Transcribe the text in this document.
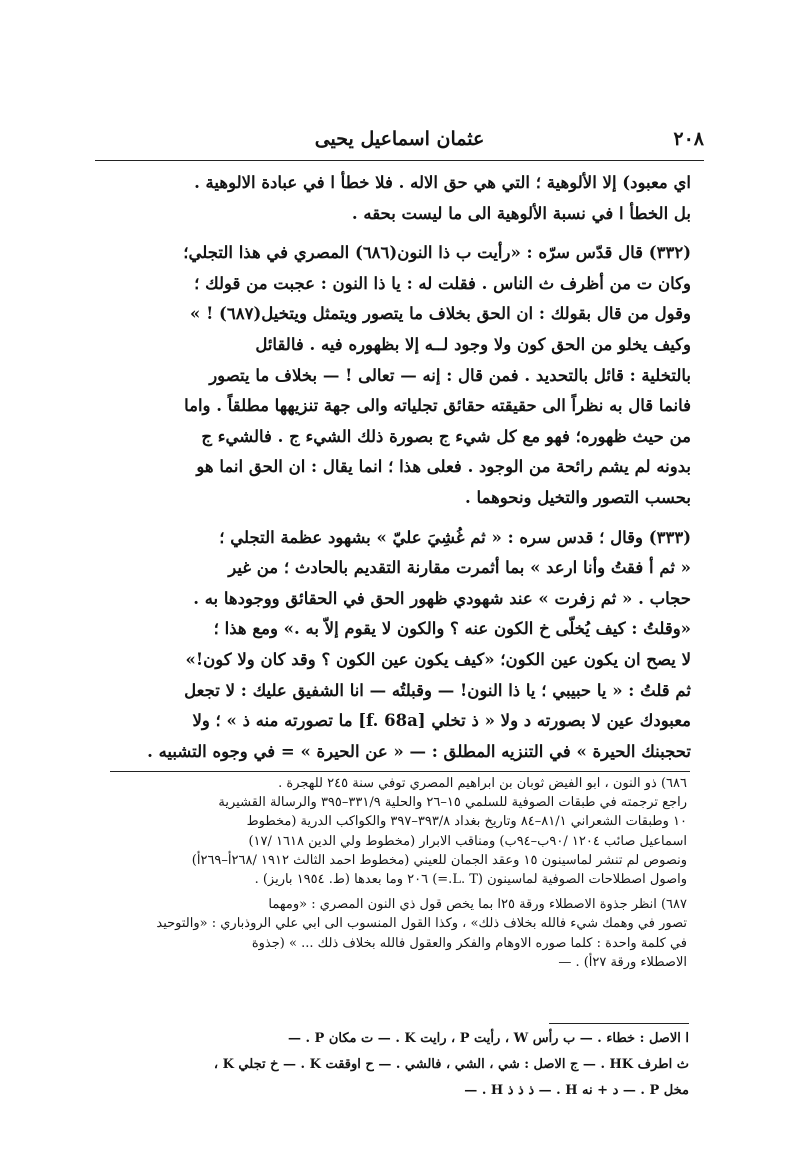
٢٠٨
عثمان اسماعيل يحيى

اي معبود) إلا الألوهية ؛ التي هي حق الاله . فلا خطأ ا في عبادة الالوهية .

بل الخطأ ا في نسبة الألوهية الى ما ليست بحقه .

(٣٣٢) قال قدّس سرّه : «رأيت ب ذا النون(٦٨٦) المصري في هذا التجلي؛

وكان ت من أظرف ث الناس . فقلت له : يا ذا النون : عجبت من قولك ؛

وقول من قال بقولك : ان الحق بخلاف ما يتصور ويتمثل ويتخيل(٦٨٧) ! »

وكيف يخلو من الحق كون ولا وجود لــه إلا بظهوره فيه . فالقائل

بالتخلية : قائل بالتحديد . فمن قال : إنه — تعالى ! — بخلاف ما يتصور

فانما قال به نظراً الى حقيقته حقائق تجلياته والى جهة تنزيهها مطلقاً . واما

من حيث ظهوره؛ فهو مع كل شيء ج بصورة ذلك الشيء ج . فالشيء ج

بدونه لم يشم رائحة من الوجود . فعلى هذا ؛ انما يقال : ان الحق انما هو

بحسب التصور والتخيل ونحوهما .

(٣٣٣) وقال ؛ قدس سره : « ثم غُشِيَ عليّ » بشهود عظمة التجلي ؛

« ثم أ فقتُ وأنا ارعد » بما أثمرت مقارنة التقديم بالحادث ؛ من غير

حجاب . « ثم زفرت » عند شهودي ظهور الحق في الحقائق ووجودها به .

«وقلتُ : كيف يُخلّى خ الكون عنه ؟ والكون لا يقوم إلاّ به .» ومع هذا ؛

لا يصح ان يكون عين الكون؛ «كيف يكون عين الكون ؟ وقد كان ولا كون!»

ثم قلتُ : « يا حبيبي ؛ يا ذا النون! — وقبلتُه — انا الشفيق عليك : لا تجعل

معبودك عين لا بصورته د ولا « ذ تخلي [f. 68a] ما تصورته منه ذ » ؛ ولا

تحجبنك الحيرة » في التنزيه المطلق : — « عن الحيرة » = في وجوه التشبيه .

٦٨٦) ذو النون ، ابو الفيض ثوبان بن ابراهيم المصري توفي سنة ٢٤٥ للهجرة .

راجع ترجمته في طبقات الصوفية للسلمي ١٥–٢٦ والحلية ٣٣١/٩–٣٩٥ والرسالة القشيرية

١٠ وطبقات الشعراني ٨١/١–٨٤ وتاريخ بغداد ٣٩٣/٨–٣٩٧ والكواكب الدرية (مخطوط

اسماعيل صائب ١٢٠٤ /٩٠ب–٩٤ب) ومناقب الابرار (مخطوط ولي الدين ١٦١٨ /١٧)

ونصوص لم تنشر لماسينون ١٥ وعقد الجمان للعيني (مخطوط احمد الثالث ١٩١٢ /٢٦٨أ–٢٦٩أ)

واصول اصطلاحات الصوفية لماسينون (L. T.=) ٢٠٦ وما بعدها (ط. ١٩٥٤ باريز) .

٦٨٧) انظر جذوة الاصطلاء ورقة ٢٥ا بما يخص قول ذي النون المصري : «ومهما

تصور في وهمك شيء فالله بخلاف ذلك» ، وكذا القول المنسوب الى ابي علي الروذباري : «والتوحيد

في كلمة واحدة : كلما صوره الاوهام والفكر والعقول فالله بخلاف ذلك ... » (جذوة

الاصطلاء ورقة ٢٧أ) . —

ا الاصل : خطاء . — ب رأس W ، رأيت P ، رايت K . — ت مكان P . —

ث اطرف HK . — ج الاصل : شي ، الشي ، فالشي . — ح اوققت K . — خ تجلي K ،

مخل P . — د + نه H . — ذ ذ ذ H . —
